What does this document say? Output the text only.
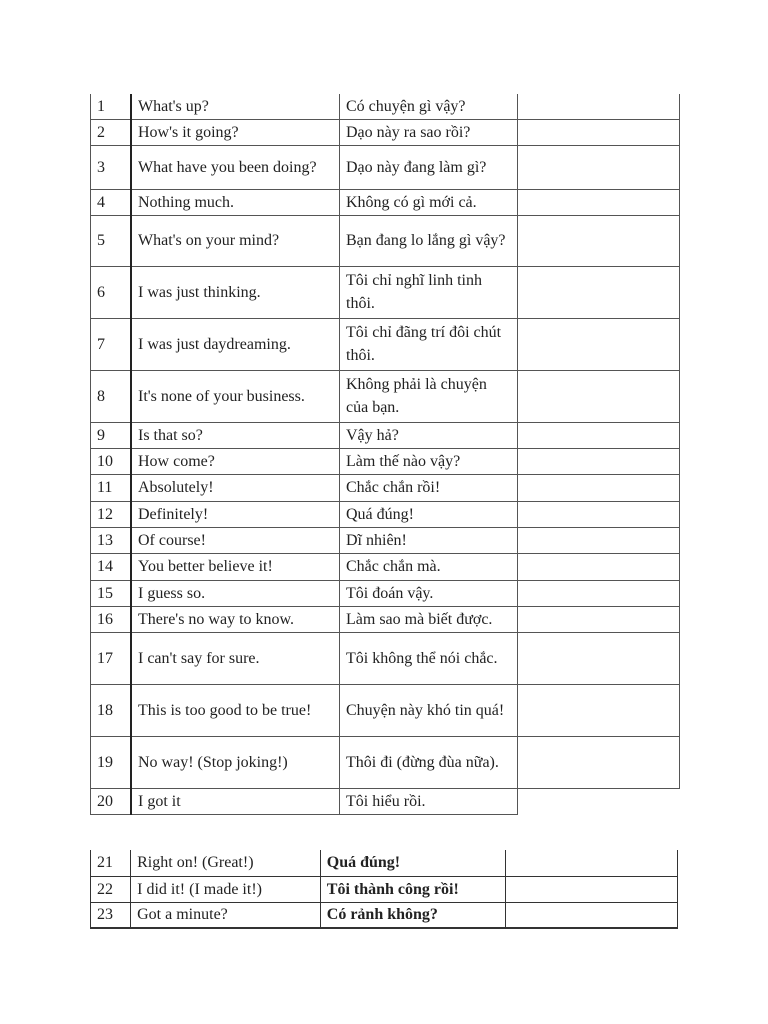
1	What's up?	Có chuyện gì vậy?	
2	How's it going?	Dạo này ra sao rồi?	
3	What have you been doing?	Dạo này đang làm gì?	
4	Nothing much.	Không có gì mới cả.	
5	What's on your mind?	Bạn đang lo lắng gì vậy?	
6	I was just thinking.	Tôi chỉ nghĩ linh tinh thôi.	
7	I was just daydreaming.	Tôi chỉ đãng trí đôi chút thôi.	
8	It's none of your business.	Không phải là chuyện của bạn.	
9	Is that so?	Vậy hả?	
10	How come?	Làm thế nào vậy?	
11	Absolutely!	Chắc chắn rồi!	
12	Definitely!	Quá đúng!	
13	Of course!	Dĩ nhiên!	
14	You better believe it!	Chắc chắn mà.	
15	I guess so.	Tôi đoán vậy.	
16	There's no way to know.	Làm sao mà biết được.	
17	I can't say for sure.	Tôi không thể nói chắc.	
18	This is too good to be true!	Chuyện này khó tin quá!	
19	No way! (Stop joking!)	Thôi đi (đừng đùa nữa).	
20	I got it	Tôi hiểu rồi.	
21	Right on! (Great!)	Quá đúng!	
22	I did it! (I made it!)	Tôi thành công rồi!	
23	Got a minute?	Có rảnh không?	
